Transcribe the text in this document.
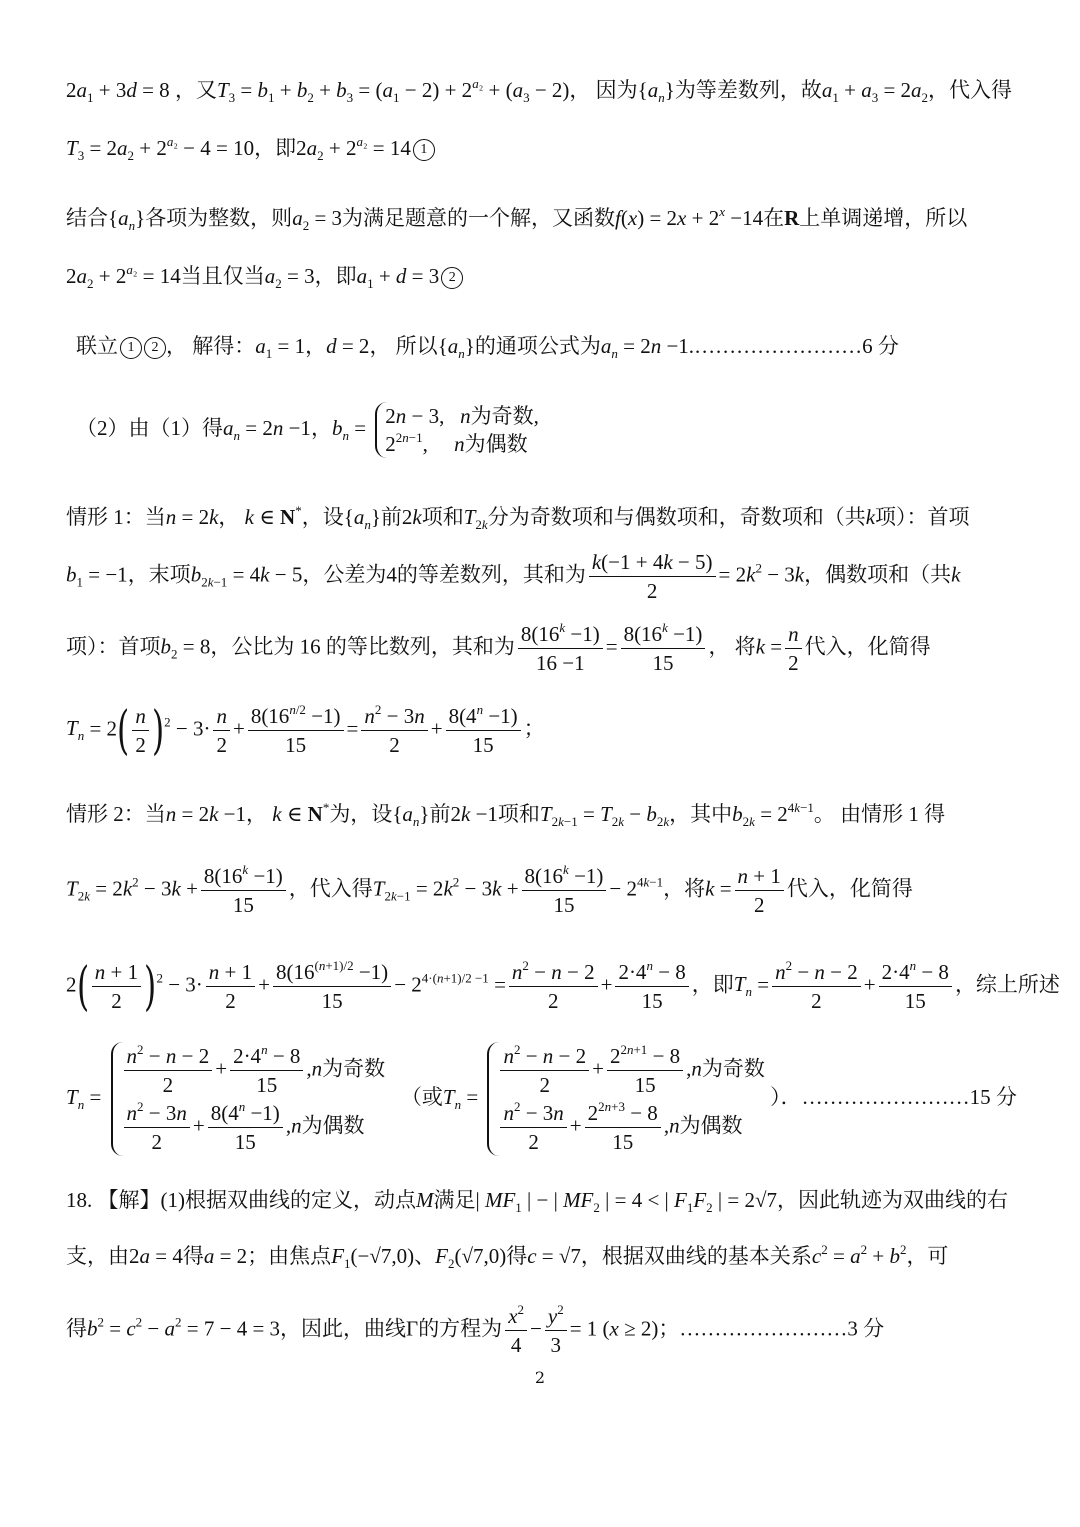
$2a_1 + 3d = 8$ ，又$T_3 = b_1 + b_2 + b_3 = (a_1 - 2) + 2^{a_2} + (a_3 - 2)$， 因为$\{a_n\}$为等差数列，故$a_1 + a_3 = 2a_2$，代入得
$T_3 = 2a_2 + 2^{a_2} - 4 = 10$，即$2a_2 + 2^{a_2} = 14$ 1
结合$\{a_n\}$各项为整数，则$a_2 = 3$为满足题意的一个解，又函数$f(x) = 2x + 2^x -14$在R上单调递增，所以
$2a_2 + 2^{a_2} = 14$当且仅当$a_2 = 3$，即$a_1 + d = 3$ 2
联立 1 2 ， 解得：$a_1 = 1$，d = 2， 所以$\{a_n\}$的通项公式为$a_n = 2n$ −1.……………………6 分
（2）由（1）得$a_n = 2n -1$，$b_n = 2n - 3$,   n为奇数,
$2^{2n-1}$,     n为偶数
情形 1：当n = 2k， k ∈ N*，设$\{a_n\}$前2k项和$T_{2k}$分为奇数项和与偶数项和，奇数项和（共k项）：首项
$b_1 = -1$，末项$b_{2k-1} = 4k - 5$，公差为4的等差数列，其和为 $\frac{k(-1 + 4k - 5)}{2} = 2k^2 - 3k$，偶数项和（共k
项）：首项$b_2 = 8$，公比为 16 的等比数列，其和为 $\frac{8(16^k -1)}{16 -1} = \frac{8(16^k -1)}{15}$ ， 将$k = \frac{n}{2}$ 代入，化简得
$T_n = 2( \frac{n}{2} )^2 - 3\cdot \frac{n}{2} + \frac{8(16^{n/2} -1)}{15} = \frac{n^2 - 3n}{2} + \frac{8(4^n -1)}{15}$ ；
情形 2：当n = 2k −1， k ∈ N*为，设$\{a_n\}$前2k −1项和$T_{2k-1} = T_{2k} - b_{2k}$，其中$b_{2k} = 2^{4k-1}$。 由情形 1 得
$T_{2k} = 2k^2 - 3k + \frac{8(16^k -1)}{15}$ ，代入得$T_{2k-1} = 2k^2 - 3k + \frac{8(16^k -1)}{15} - 2^{4k-1}$，将$k = \frac{n + 1}{2}$ 代入，化简得
$2( \frac{n + 1}{2} )^2 - 3\cdot \frac{n + 1}{2} + \frac{8(16^{(n+1)/2} -1)}{15} - 2^{4\cdot(n+1)/2 -1} = \frac{n^2 - n - 2}{2} + \frac{2\cdot 4^n - 8}{15}$ ，即$T_n = \frac{n^2 - n - 2}{2} + \frac{2\cdot 4^n - 8}{15}$ ，综上所述
$T_n = \frac{n^2 - n - 2}{2} + \frac{2\cdot 4^n - 8}{15} ,n$为奇数
$\frac{n^2 - 3n}{2} + \frac{8(4^n -1)}{15} ,n$为偶数
（或$T_n = \frac{n^2 - n - 2}{2} + \frac{2^{2n+1} - 8}{15} ,n$为奇数
$\frac{n^2 - 3n}{2} + \frac{2^{2n+3} - 8}{15} ,n$为偶数
）．……………………15 分
18. 【解】(1)根据双曲线的定义，动点M满足| $MF_1$ | − | $MF_2$ | = 4 < | $F_1F_2$ | = 2√7，因此轨迹为双曲线的右
支，由2a = 4得a = 2；由焦点$F_1(-√7,0)$、$F_2(√7,0)$得c = √7，根据双曲线的基本关系$c^2 = a^2 + b^2$，可
得$b^2 = c^2 - a^2 = 7 - 4 = 3$，因此，曲线Γ的方程为 $\frac{x^2}{4} - \frac{y^2}{3} = 1$ (x ≥ 2)；……………………3 分
2
